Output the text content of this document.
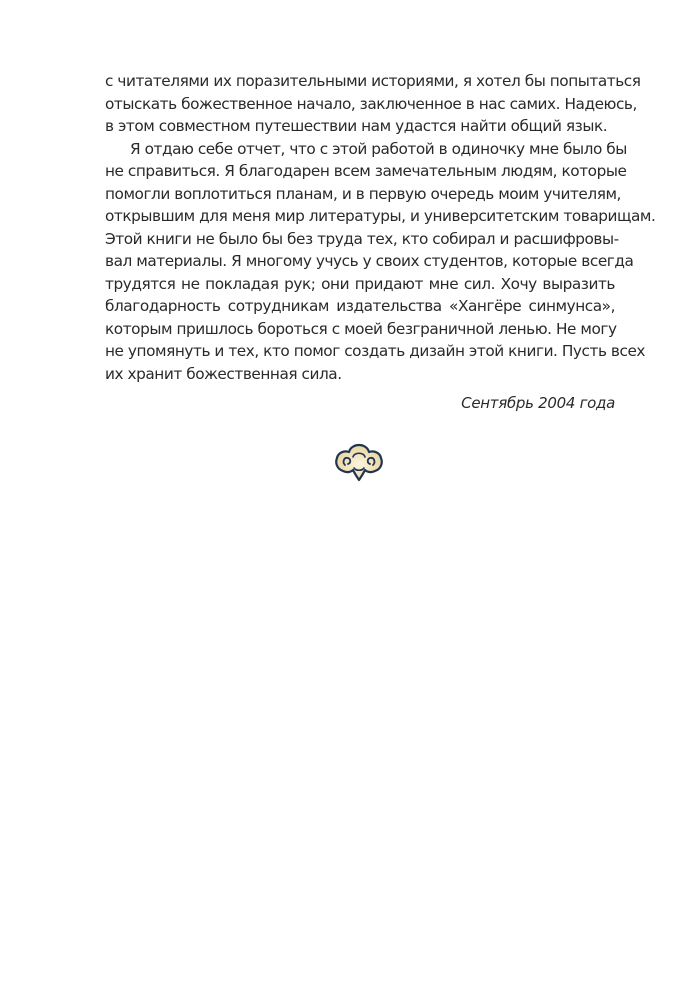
с читателями их поразительными историями, я хотел бы попытаться
отыскать божественное начало, заключенное в нас самих. Надеюсь,
в этом совместном путешествии нам удастся найти общий язык.
Я отдаю себе отчет, что с этой работой в одиночку мне было бы
не справиться. Я благодарен всем замечательным людям, которые
помогли воплотиться планам, и в первую очередь моим учителям,
открывшим для меня мир литературы, и университетским товарищам.
Этой книги не было бы без труда тех, кто собирал и расшифровы-
вал материалы. Я многому учусь у своих студентов, которые всегда
трудятся не покладая рук; они придают мне сил. Хочу выразить
благодарность сотрудникам издательства «Хангёре синмунса»,
которым пришлось бороться с моей безграничной ленью. Не могу
не упомянуть и тех, кто помог создать дизайн этой книги. Пусть всех
их хранит божественная сила.
Сентябрь 2004 года
